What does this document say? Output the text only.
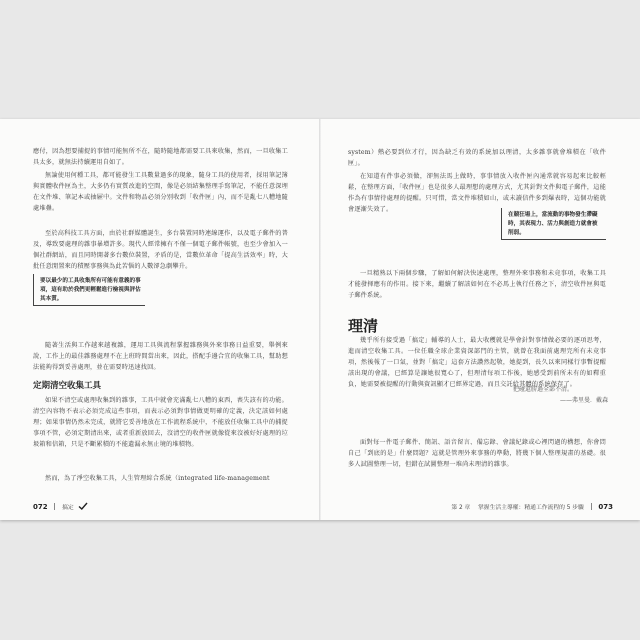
應付，因為想要捕捉的事情可能無所不在，隨時隨地都需要工具來收集，然而，一旦收集工具太多，就無法持續運用自如了。

無論使用何種工具，都可能發生工具數量過多的現象，隨身工具的使用者，採用筆記簿與實體收件匣為主，大多仍有實質改進的空間，像是必須結集整理手寫筆記，不能任意深埋在文件堆、筆記本或抽屜中。文件和物品必須分別收到「收件匣」內，而不是亂七八糟地隨處堆疊。

至於高科技工具方面，由於社群媒體誕生，多台裝置同時連線運作，以及電子郵件的普及，導致要處理的雜事暴增許多。現代人經常擁有不僅一個電子郵件帳號，也至少會加入一個社群網站，而且同時開著多台數位裝置，矛盾的是，當數位革命「提高生活效率」時，大批任意閒置來的積壓事務與為此苦惱的人數卻急劇攀升。

要以最少的工具收集所有可能有意義的事項，這有助於我們更輕鬆進行檢視與評估其本質。

隨著生活與工作越來越複雜，運用工具與流程掌握雜務與外來事務日益重要，舉例來說，工作上的最佳雜務處理不在上班時間當出來，因此，搭配手邊合宜的收集工具，幫助想法能夠得到妥善處理，並在需要時迅速找回。

定期清空收集工具

如果不清空或處理收集到的雜事，工具中就會充滿亂七八糟的東西，喪失該有的功能。清空內容物不表示必須完成這些事項，而表示必須對事情做更明確的定義，決定該如何處理；如果事情仍然未完成，就將它妥善地放在工作流程系統中，不能放任收集工具中的捕捉事項不管，必須定期清出來，或者重新放回去，沒清空的收件匣就像從來沒被好好處理的垃圾箱和信箱，只是不斷累積的不能遺漏永無止境的堆積物。

然而，為了淨空收集工具，人生管理綜合系統（integrated life-management

072 搞定

system）熱必要到位才行，因為缺乏有效的系統加以理清，太多雜事就會堆積在「收件匣」。

在知道有件事必須做，卻無法馬上做時，事事情放入收件匣內通常就容易起來比較輕鬆，在整理方面，「收件匣」也是很多人最理想的處理方式，尤其針對文件與電子郵件，這能作為有事情待處理的提醒。只可惜，當文件堆積如山，或未讀信件多到爆表時，這個功能就會逐漸失效了。

在競狂場上，當流動的事物發生滯礙時，其表現力、活力與創造力就會被削弱。

一旦精熟以下兩個步驟，了解如何解決快速處理，整理外來事務和未竟事項，收集工具才能發揮應有的作用。接下來，繼續了解該如何在不必馬上執行任務之下，清空收件匣與電子郵件系統。

理清

幾乎所有接受過「搞定」輔導的人士，最大收穫就是學會針對事情做必要的逐項思考，進而清空收集工具。一位任職全球企業資深部門的主管，就曾在我面前處理完所有未竟事項，然後報了一口氣，並對「搞定」這套方法讚然起敬，她提到，長久以來同樣行事暫提醒該出現的會議，已經算是讓她很寬心了，但理清每項工作後，她感受到前所未有的如釋重負，她需要被提醒的行動與資訊顯才已經界定過，而且交託給其體的系統保存了。

把碰還勝過全部不清。
——弗里曼．戴森

面對每一件電子郵件、簡訊、語音留言、備忘錄、會議紀錄或心裡閃過的構想，你會問自己「到底的是」什麼問題？這就是管理外來事務的準動，將幾下個人整理規畫的基礎。很多人試圖整理一切，但錯在試圖整理一堆尚未理清的雜事。

第 2 章 掌握生活主導權：精通工作流程的 5 步驟 073
